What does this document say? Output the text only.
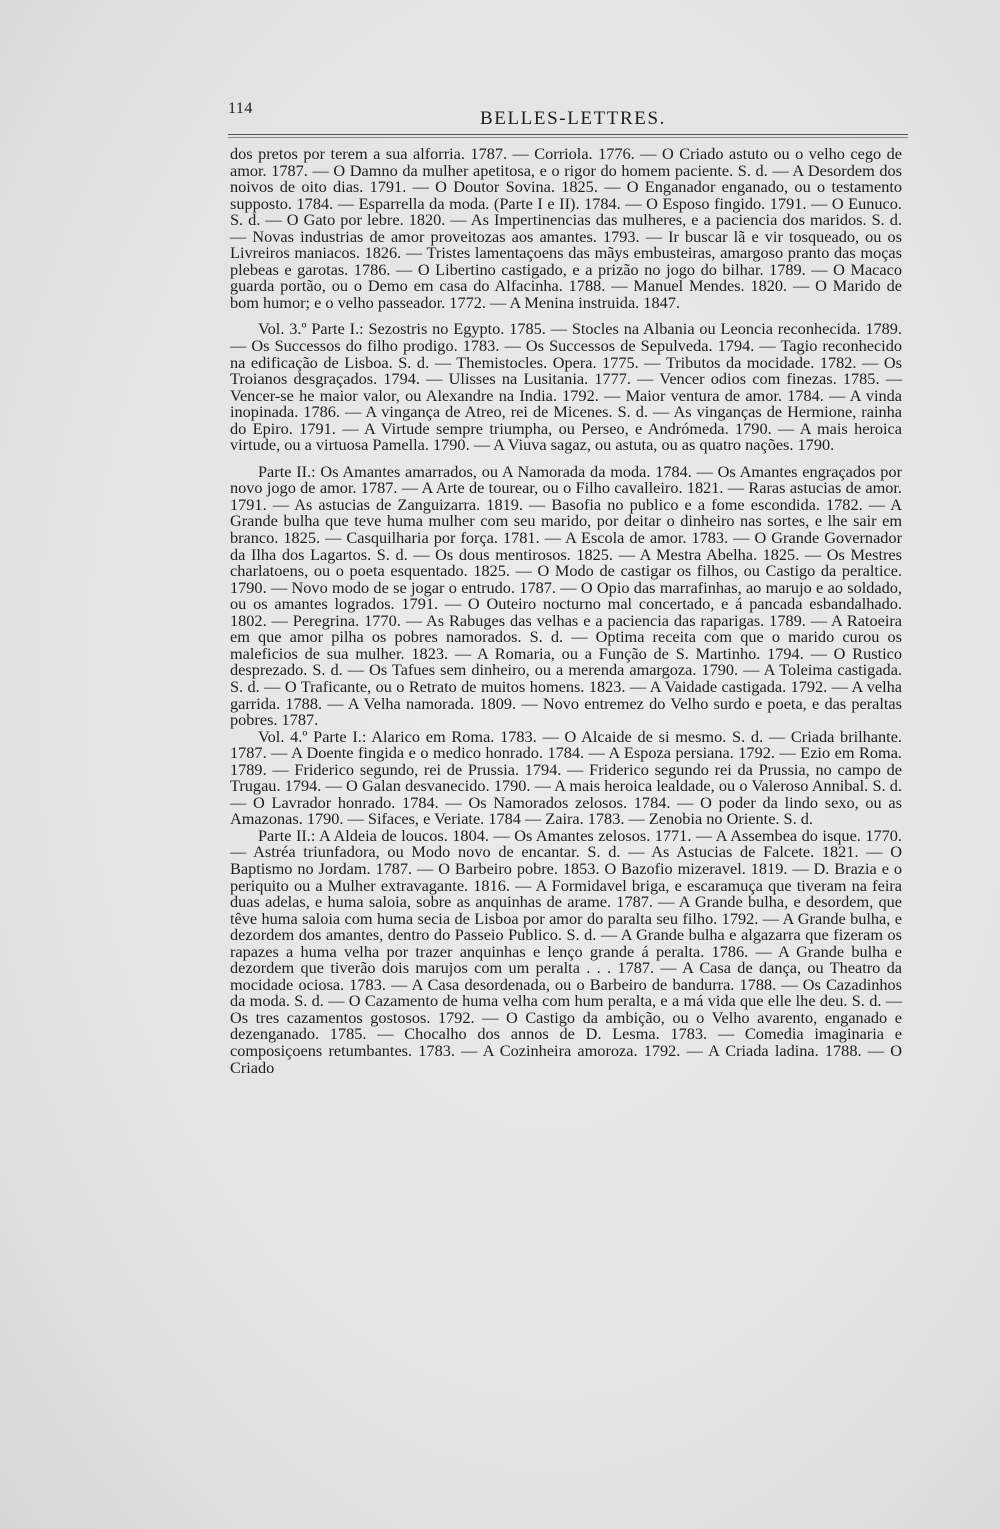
114	BELLES-LETTRES.

dos pretos por terem a sua alforria. 1787. — Corriola. 1776. — O Criado astuto ou o velho cego de amor. 1787. — O Damno da mulher apetitosa, e o rigor do homem paciente. S. d. — A Desordem dos noivos de oito dias. 1791. — O Doutor Sovina. 1825. — O Enganador enganado, ou o testamento supposto. 1784. — Esparrella da moda. (Parte I e II). 1784. — O Esposo fingido. 1791. — O Eunuco. S. d. — O Gato por lebre. 1820. — As Impertinencias das mulheres, e a paciencia dos maridos. S. d. — Novas industrias de amor proveitozas aos amantes. 1793. — Ir buscar lã e vir tosqueado, ou os Livreiros maniacos. 1826. — Tristes lamentaçoens das mãys embusteiras, amargoso pranto das moças plebeas e garotas. 1786. — O Libertino castigado, e a prizão no jogo do bilhar. 1789. — O Macaco guarda portão, ou o Demo em casa do Alfacinha. 1788. — Manuel Mendes. 1820. — O Marido de bom humor; e o velho passeador. 1772. — A Menina instruida. 1847.

Vol. 3.º Parte I.: Sezostris no Egypto. 1785. — Stocles na Albania ou Leoncia reconhecida. 1789. — Os Successos do filho prodigo. 1783. — Os Successos de Sepulveda. 1794. — Tagio reconhecido na edificação de Lisboa. S. d. — Themistocles. Opera. 1775. — Tributos da mocidade. 1782. — Os Troianos desgraçados. 1794. — Ulisses na Lusitania. 1777. — Vencer odios com finezas. 1785. — Vencer-se he maior valor, ou Alexandre na India. 1792. — Maior ventura de amor. 1784. — A vinda inopinada. 1786. — A vingança de Atreo, rei de Micenes. S. d. — As vinganças de Hermione, rainha do Epiro. 1791. — A Virtude sempre triumpha, ou Perseo, e Andrómeda. 1790. — A mais heroica virtude, ou a virtuosa Pamella. 1790. — A Viuva sagaz, ou astuta, ou as quatro nações. 1790.

Parte II.: Os Amantes amarrados, ou A Namorada da moda. 1784. — Os Amantes engraçados por novo jogo de amor. 1787. — A Arte de tourear, ou o Filho cavalleiro. 1821. — Raras astucias de amor. 1791. — As astucias de Zanguizarra. 1819. — Basofia no publico e a fome escondida. 1782. — A Grande bulha que teve huma mulher com seu marido, por deitar o dinheiro nas sortes, e lhe sair em branco. 1825. — Casquilharia por força. 1781. — A Escola de amor. 1783. — O Grande Governador da Ilha dos Lagartos. S. d. — Os dous mentirosos. 1825. — A Mestra Abelha. 1825. — Os Mestres charlatoens, ou o poeta esquentado. 1825. — O Modo de castigar os filhos, ou Castigo da peraltice. 1790. — Novo modo de se jogar o entrudo. 1787. — O Opio das marrafinhas, ao marujo e ao soldado, ou os amantes logrados. 1791. — O Outeiro nocturno mal concertado, e á pancada esbandalhado. 1802. — Peregrina. 1770. — As Rabuges das velhas e a paciencia das raparigas. 1789. — A Ratoeira em que amor pilha os pobres namorados. S. d. — Optima receita com que o marido curou os maleficios de sua mulher. 1823. — A Romaria, ou a Função de S. Martinho. 1794. — O Rustico desprezado. S. d. — Os Tafues sem dinheiro, ou a merenda amargoza. 1790. — A Toleima castigada. S. d. — O Traficante, ou o Retrato de muitos homens. 1823. — A Vaidade castigada. 1792. — A velha garrida. 1788. — A Velha namorada. 1809. — Novo entremez do Velho surdo e poeta, e das peraltas pobres. 1787.

Vol. 4.º Parte I.: Alarico em Roma. 1783. — O Alcaide de si mesmo. S. d. — Criada brilhante. 1787. — A Doente fingida e o medico honrado. 1784. — A Espoza persiana. 1792. — Ezio em Roma. 1789. — Friderico segundo, rei de Prussia. 1794. — Friderico segundo rei da Prussia, no campo de Trugau. 1794. — O Galan desvanecido. 1790. — A mais heroica lealdade, ou o Valeroso Annibal. S. d. — O Lavrador honrado. 1784. — Os Namorados zelosos. 1784. — O poder da lindo sexo, ou as Amazonas. 1790. — Sifaces, e Veriate. 1784 — Zaira. 1783. — Zenobia no Oriente. S. d.

Parte II.: A Aldeia de loucos. 1804. — Os Amantes zelosos. 1771. — A Assembea do isque. 1770. — Astréa triunfadora, ou Modo novo de encantar. S. d. — As Astucias de Falcete. 1821. — O Baptismo no Jordam. 1787. — O Barbeiro pobre. 1853. O Bazofio mizeravel. 1819. — D. Brazia e o periquito ou a Mulher extravagante. 1816. — A Formidavel briga, e escaramuça que tiveram na feira duas adelas, e huma saloia, sobre as anquinhas de arame. 1787. — A Grande bulha, e desordem, que têve huma saloia com huma secia de Lisboa por amor do paralta seu filho. 1792. — A Grande bulha, e dezordem dos amantes, dentro do Passeio Publico. S. d. — A Grande bulha e algazarra que fizeram os rapazes a huma velha por trazer anquinhas e lenço grande á peralta. 1786. — A Grande bulha e dezordem que tiverão dois marujos com um peralta . . . 1787. — A Casa de dança, ou Theatro da mocidade ociosa. 1783. — A Casa desordenada, ou o Barbeiro de bandurra. 1788. — Os Cazadinhos da moda. S. d. — O Cazamento de huma velha com hum peralta, e a má vida que elle lhe deu. S. d. — Os tres cazamentos gostosos. 1792. — O Castigo da ambição, ou o Velho avarento, enganado e dezenganado. 1785. — Chocalho dos annos de D. Lesma. 1783. — Comedia imaginaria e composiçoens retumbantes. 1783. — A Cozinheira amoroza. 1792. — A Criada ladina. 1788. — O Criado
